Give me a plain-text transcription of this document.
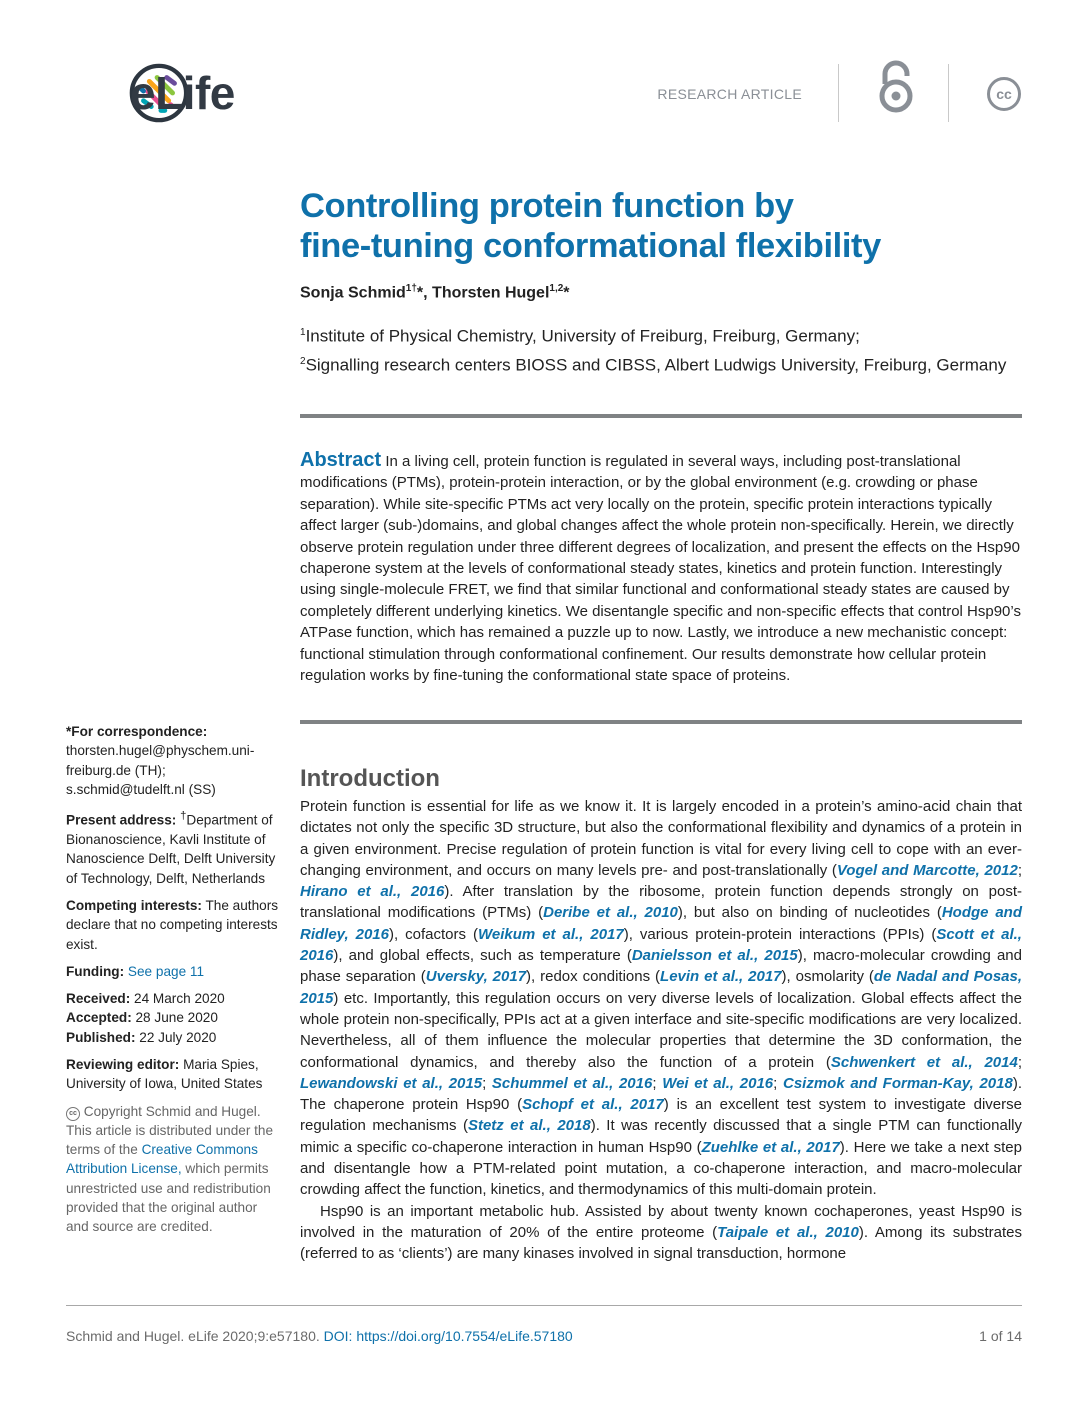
eLife	RESEARCH ARTICLE	cc
Controlling protein function by
fine-tuning conformational flexibility
Sonja Schmid$^{1\dagger}$*, Thorsten Hugel$^{1,2}$*
$^1$Institute of Physical Chemistry, University of Freiburg, Freiburg, Germany;
$^2$Signalling research centers BIOSS and CIBSS, Albert Ludwigs University, Freiburg, Germany
Abstract In a living cell, protein function is regulated in several ways, including post-translational modifications (PTMs), protein-protein interaction, or by the global environment (e.g. crowding or phase separation). While site-specific PTMs act very locally on the protein, specific protein interactions typically affect larger (sub-)domains, and global changes affect the whole protein non-specifically. Herein, we directly observe protein regulation under three different degrees of localization, and present the effects on the Hsp90 chaperone system at the levels of conformational steady states, kinetics and protein function. Interestingly using single-molecule FRET, we find that similar functional and conformational steady states are caused by completely different underlying kinetics. We disentangle specific and non-specific effects that control Hsp90’s ATPase function, which has remained a puzzle up to now. Lastly, we introduce a new mechanistic concept: functional stimulation through conformational confinement. Our results demonstrate how cellular protein regulation works by fine-tuning the conformational state space of proteins.
*For correspondence:
thorsten.hugel@physchem.uni-freiburg.de (TH); s.schmid@tudelft.nl (SS)
Present address: †Department of Bionanoscience, Kavli Institute of Nanoscience Delft, Delft University of Technology, Delft, Netherlands
Competing interests: The authors declare that no competing interests exist.
Funding: See page 11
Received: 24 March 2020
Accepted: 28 June 2020
Published: 22 July 2020
Reviewing editor: Maria Spies, University of Iowa, United States
cc Copyright Schmid and Hugel. This article is distributed under the terms of the Creative Commons Attribution License, which permits unrestricted use and redistribution provided that the original author and source are credited.
Introduction

Protein function is essential for life as we know it. It is largely encoded in a protein’s amino-acid chain that dictates not only the specific 3D structure, but also the conformational flexibility and dynamics of a protein in a given environment. Precise regulation of protein function is vital for every living cell to cope with an ever-changing environment, and occurs on many levels pre- and post-translationally (Vogel and Marcotte, 2012; Hirano et al., 2016). After translation by the ribosome, protein function depends strongly on post-translational modifications (PTMs) (Deribe et al., 2010), but also on binding of nucleotides (Hodge and Ridley, 2016), cofactors (Weikum et al., 2017), various protein-protein interactions (PPIs) (Scott et al., 2016), and global effects, such as temperature (Danielsson et al., 2015), macro-molecular crowding and phase separation (Uversky, 2017), redox conditions (Levin et al., 2017), osmolarity (de Nadal and Posas, 2015) etc. Importantly, this regulation occurs on very diverse levels of localization. Global effects affect the whole protein non-specifically, PPIs act at a given interface and site-specific modifications are very localized. Nevertheless, all of them influence the molecular properties that determine the 3D conformation, the conformational dynamics, and thereby also the function of a protein (Schwenkert et al., 2014; Lewandowski et al., 2015; Schummel et al., 2016; Wei et al., 2016; Csizmok and Forman-Kay, 2018). The chaperone protein Hsp90 (Schopf et al., 2017) is an excellent test system to investigate diverse regulation mechanisms (Stetz et al., 2018). It was recently discussed that a single PTM can functionally mimic a specific co-chaperone interaction in human Hsp90 (Zuehlke et al., 2017). Here we take a next step and disentangle how a PTM-related point mutation, a co-chaperone interaction, and macro-molecular crowding affect the function, kinetics, and thermodynamics of this multi-domain protein.

Hsp90 is an important metabolic hub. Assisted by about twenty known cochaperones, yeast Hsp90 is involved in the maturation of 20% of the entire proteome (Taipale et al., 2010). Among its substrates (referred to as ‘clients’) are many kinases involved in signal transduction, hormone

Schmid and Hugel. eLife 2020;9:e57180. DOI: https://doi.org/10.7554/eLife.57180	1 of 14
